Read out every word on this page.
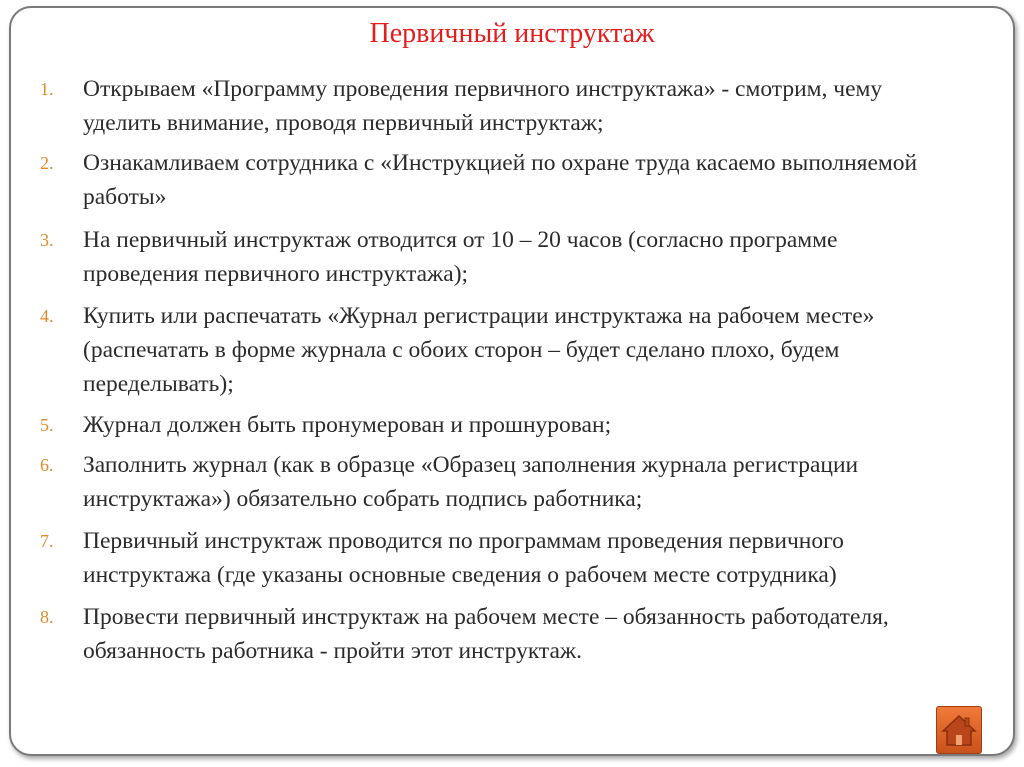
Первичный инструктаж
1.	Открываем «Программу проведения первичного инструктажа» - смотрим, чему уделить внимание, проводя первичный инструктаж;
2.	Ознакамливаем сотрудника с «Инструкцией по охране труда касаемо выполняемой работы»
3.	На первичный инструктаж отводится от 10 – 20 часов (согласно программе проведения первичного инструктажа);
4.	Купить или распечатать «Журнал регистрации инструктажа на рабочем месте» (распечатать в форме журнала с обоих сторон – будет сделано плохо, будем переделывать);
5.	Журнал должен быть пронумерован и прошнурован;
6.	Заполнить журнал (как в образце «Образец заполнения журнала регистрации инструктажа») обязательно собрать подпись работника;
7.	Первичный инструктаж проводится по программам проведения первичного инструктажа (где указаны основные сведения о рабочем месте сотрудника)
8.	Провести первичный инструктаж на рабочем месте – обязанность работодателя, обязанность работника - пройти этот инструктаж.
